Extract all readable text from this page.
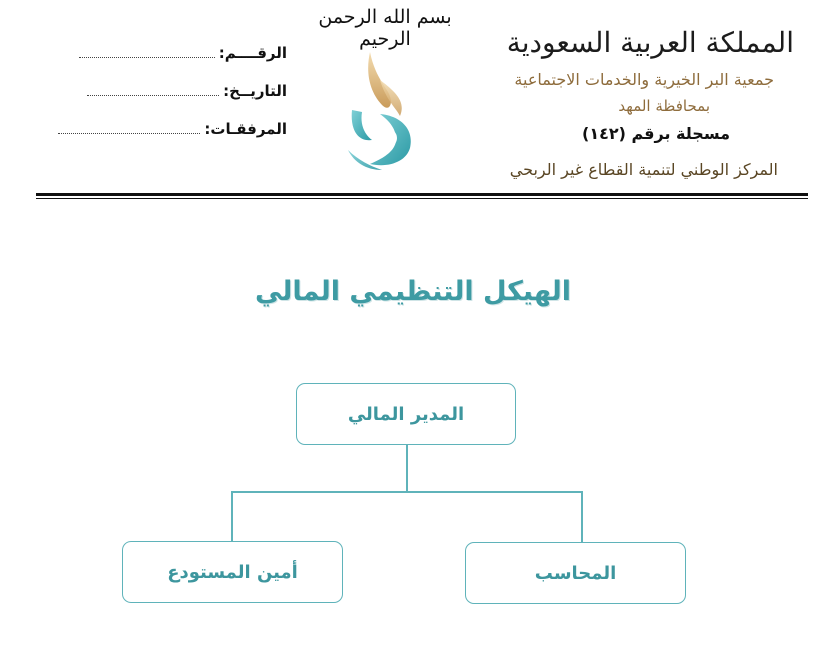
بسم الله الرحمن الرحيم	المملكة العربية السعودية
جمعية البر الخيرية والخدمات الاجتماعية
بمحافظة المهد
مسجلة برقم (١٤٢)
المركز الوطني لتنمية القطاع غير الربحي
الرقــــم:
التاريــخ:
المرفقـات:
الهيكل التنظيمي المالي
المدير المالي
المحاسب
أمين المستودع
